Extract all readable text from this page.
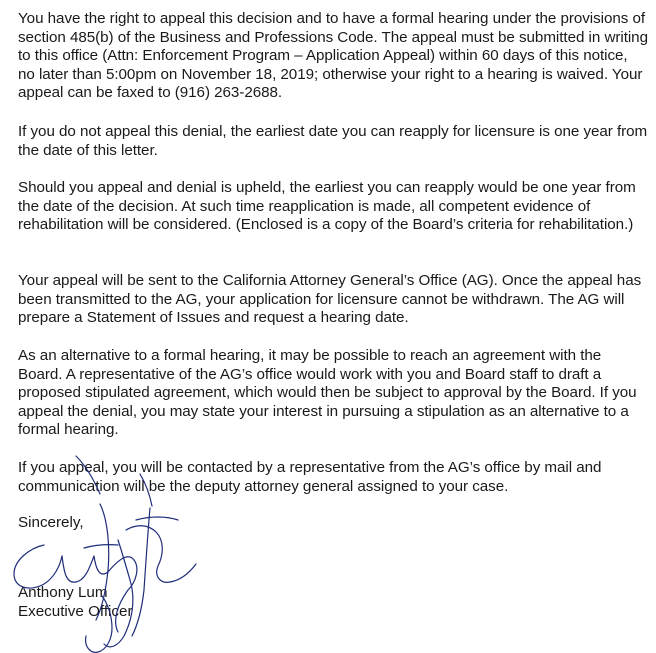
You have the right to appeal this decision and to have a formal hearing under the provisions of section 485(b) of the Business and Professions Code. The appeal must be submitted in writing to this office (Attn: Enforcement Program – Application Appeal) within 60 days of this notice, no later than 5:00pm on November 18, 2019; otherwise your right to a hearing is waived. Your appeal can be faxed to (916) 263-2688.

If you do not appeal this denial, the earliest date you can reapply for licensure is one year from the date of this letter.

Should you appeal and denial is upheld, the earliest you can reapply would be one year from the date of the decision. At such time reapplication is made, all competent evidence of rehabilitation will be considered. (Enclosed is a copy of the Board’s criteria for rehabilitation.)

Your appeal will be sent to the California Attorney General’s Office (AG). Once the appeal has been transmitted to the AG, your application for licensure cannot be withdrawn. The AG will prepare a Statement of Issues and request a hearing date.

As an alternative to a formal hearing, it may be possible to reach an agreement with the Board. A representative of the AG’s office would work with you and Board staff to draft a proposed stipulated agreement, which would then be subject to approval by the Board. If you appeal the denial, you may state your interest in pursuing a stipulation as an alternative to a formal hearing.

If you appeal, you will be contacted by a representative from the AG’s office by mail and communication will be the deputy attorney general assigned to your case.

Sincerely,

Anthony Lum

Executive Officer
